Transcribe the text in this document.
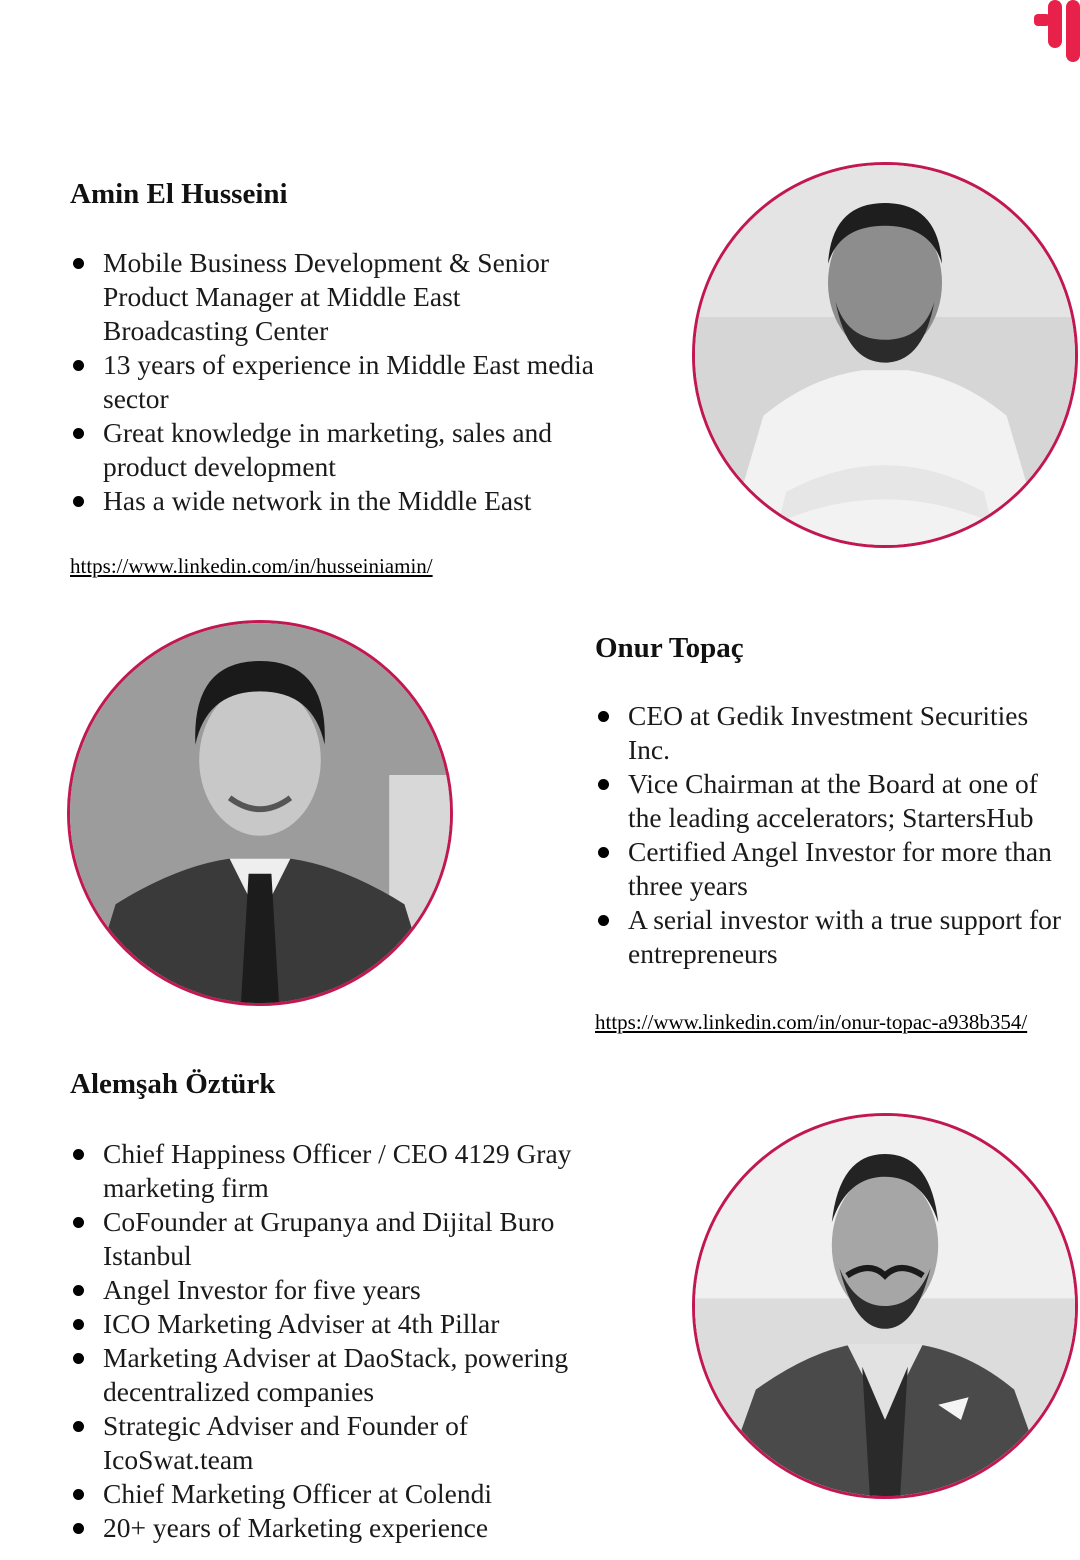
Amin El Husseini
Mobile Business Development & Senior Product Manager at Middle East Broadcasting Center
13 years of experience in Middle East media sector
Great knowledge in marketing, sales and product development
Has a wide network in the Middle East
https://www.linkedin.com/in/husseiniamin/
Onur Topaç
CEO at Gedik Investment Securities Inc.
Vice Chairman at the Board at one of the leading accelerators; StartersHub
Certified Angel Investor for more than three years
A serial investor with a true support for entrepreneurs
https://www.linkedin.com/in/onur-topac-a938b354/
Alemşah Öztürk
Chief Happiness Officer / CEO 4129 Gray marketing firm
CoFounder at Grupanya and Dijital Buro Istanbul
Angel Investor for five years
ICO Marketing Adviser at 4th Pillar
Marketing Adviser at DaoStack, powering decentralized companies
Strategic Adviser and Founder of IcoSwat.team
Chief Marketing Officer at Colendi
20+ years of Marketing experience
